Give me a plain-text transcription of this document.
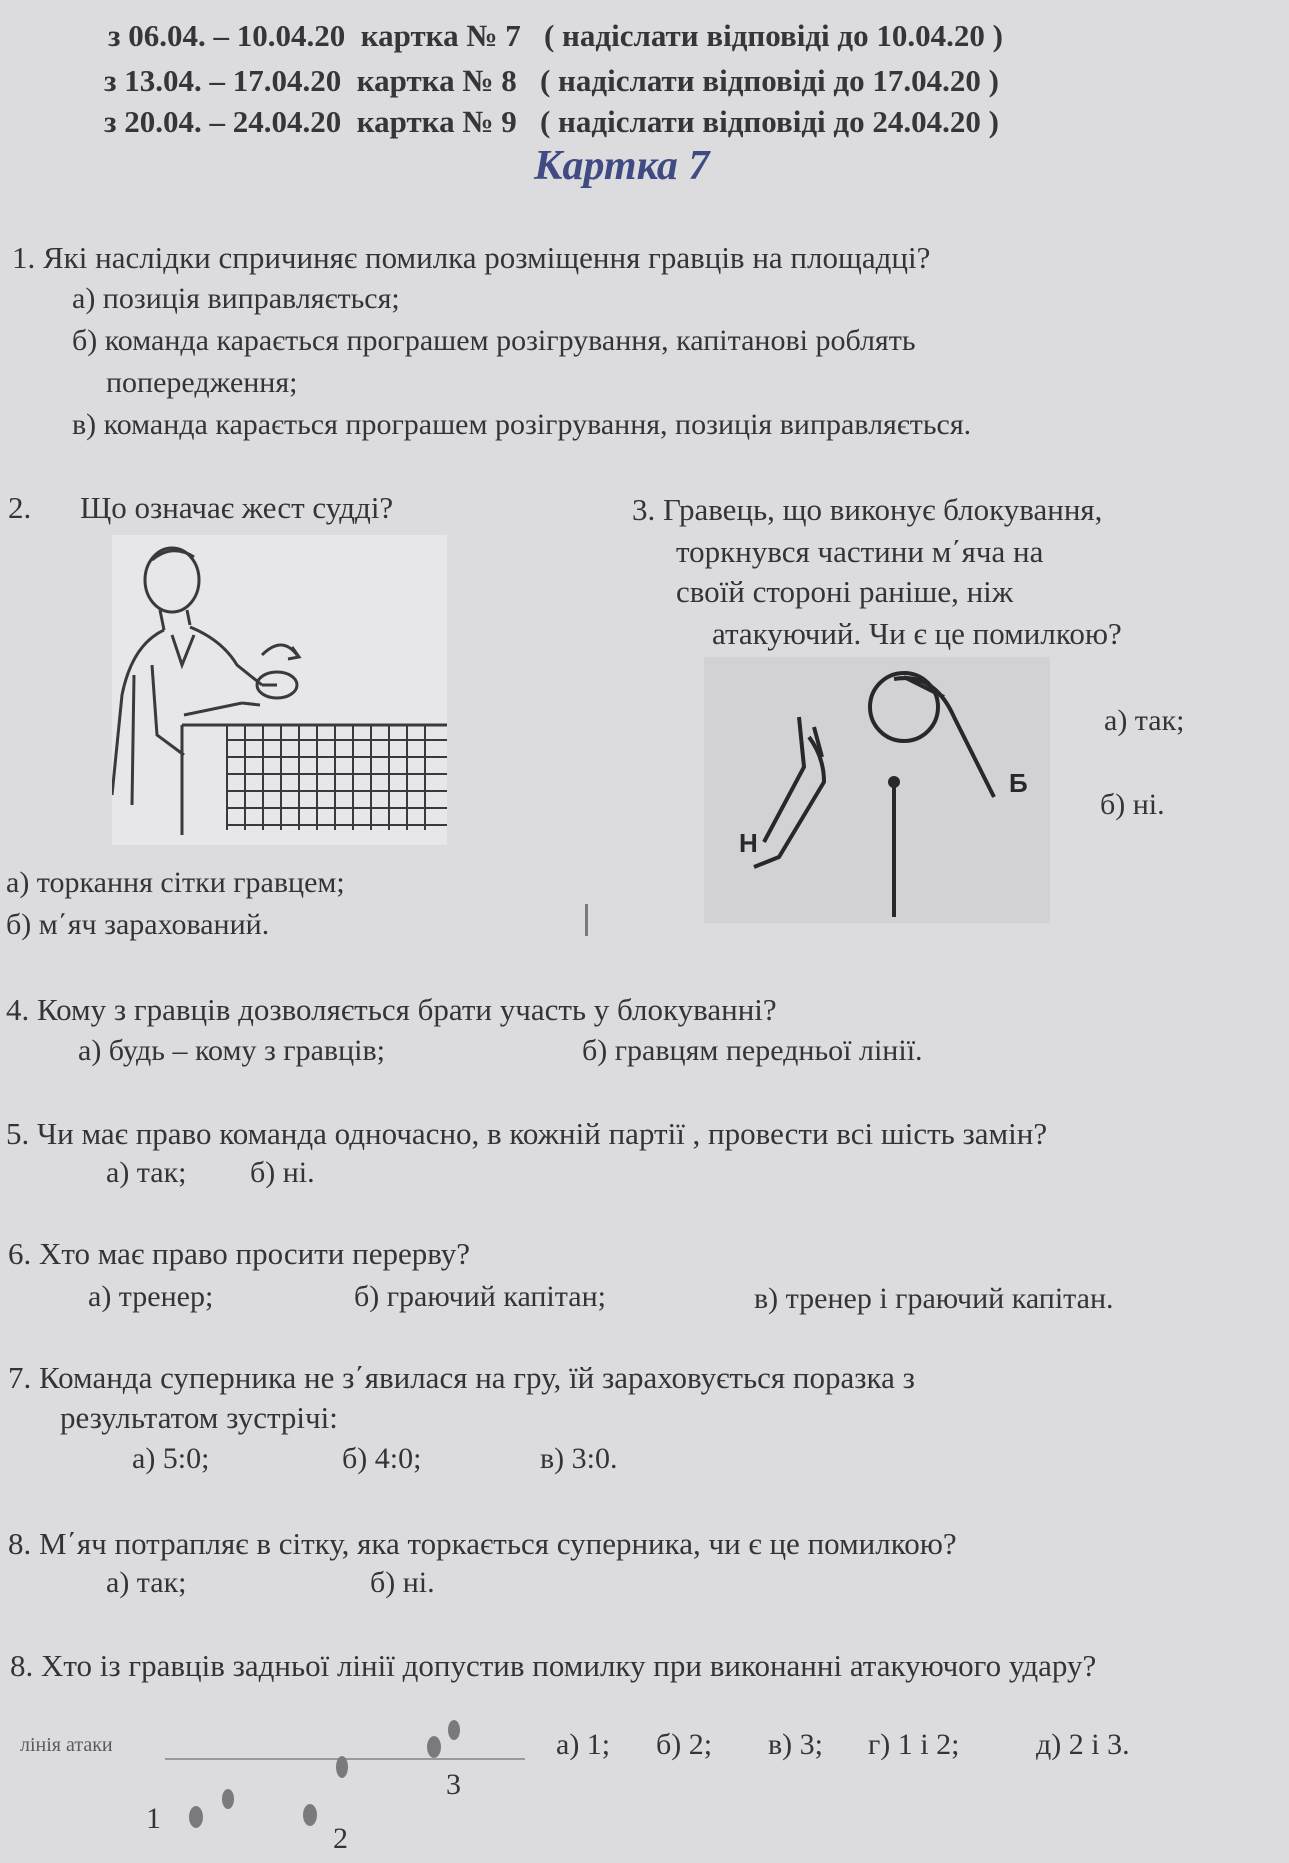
з 06.04. – 10.04.20 картка № 7 ( надіслати відповіді до 10.04.20 )
з 13.04. – 17.04.20 картка № 8 ( надіслати відповіді до 17.04.20 )
з 20.04. – 24.04.20 картка № 9 ( надіслати відповіді до 24.04.20 )
Картка 7
1. Які наслідки спричиняє помилка розміщення гравців на площадці?
а) позиція виправляється;
б) команда карається програшем розігрування, капітанові роблять
попередження;
в) команда карається програшем розігрування, позиція виправляється.
2. Що означає жест судді?
а) торкання сітки гравцем;
б) м΄яч зарахований.
3. Гравець, що виконує блокування,
торкнувся частини м΄яча на
своїй стороні раніше, ніж
атакуючий. Чи є це помилкою?
Н
Б
а) так;
б) ні.
4. Кому з гравців дозволяється брати участь у блокуванні?
а) будь – кому з гравців;	б) гравцям передньої лінії.
5. Чи має право команда одночасно, в кожній партії , провести всі шість замін?
а) так; б) ні.
6. Хто має право просити перерву?
а) тренер;	б) граючий капітан;	в) тренер і граючий капітан.
7. Команда суперника не з΄явилася на гру, їй зараховується поразка з
результатом зустрічі:
а) 5:0;	б) 4:0;	в) 3:0.
8. М΄яч потрапляє в сітку, яка торкається суперника, чи є це помилкою?
а) так;	б) ні.
8. Хто із гравців задньої лінії допустив помилку при виконанні атакуючого удару?
лінія атаки
1
2
3
а) 1; б) 2; в) 3; г) 1 і 2;	д) 2 і 3.
